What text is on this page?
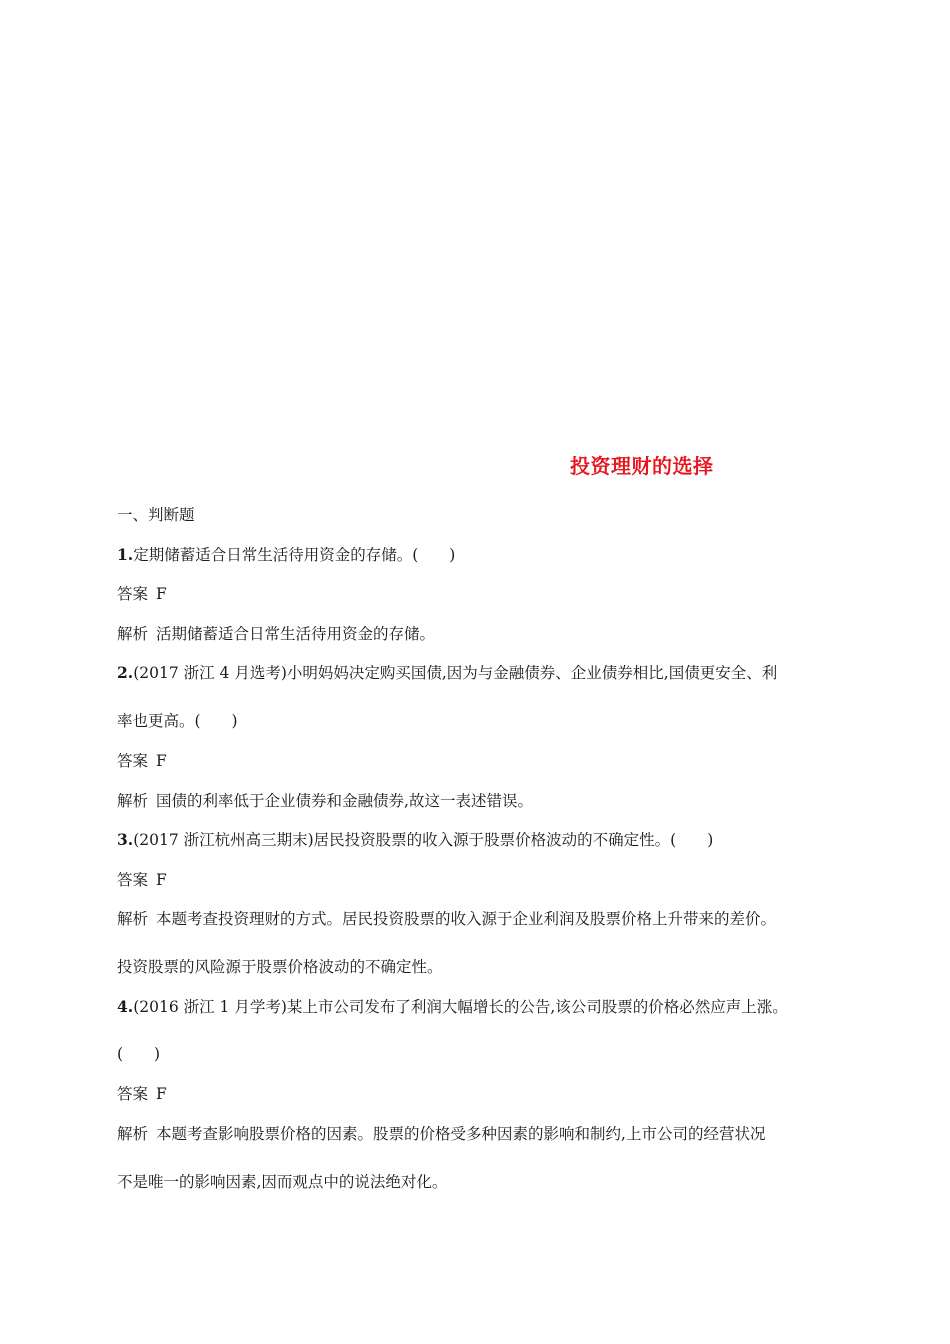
投资理财的选择
一、判断题
1.定期储蓄适合日常生活待用资金的存储。(　　)
答案 F
解析 活期储蓄适合日常生活待用资金的存储。
2.(2017 浙江 4 月选考)小明妈妈决定购买国债,因为与金融债券、企业债券相比,国债更安全、利
率也更高。(　　)
答案 F
解析 国债的利率低于企业债券和金融债券,故这一表述错误。
3.(2017 浙江杭州高三期末)居民投资股票的收入源于股票价格波动的不确定性。(　　)
答案 F
解析 本题考查投资理财的方式。居民投资股票的收入源于企业利润及股票价格上升带来的差价。
投资股票的风险源于股票价格波动的不确定性。
4.(2016 浙江 1 月学考)某上市公司发布了利润大幅增长的公告,该公司股票的价格必然应声上涨。
(　　)
答案 F
解析 本题考查影响股票价格的因素。股票的价格受多种因素的影响和制约,上市公司的经营状况
不是唯一的影响因素,因而观点中的说法绝对化。
